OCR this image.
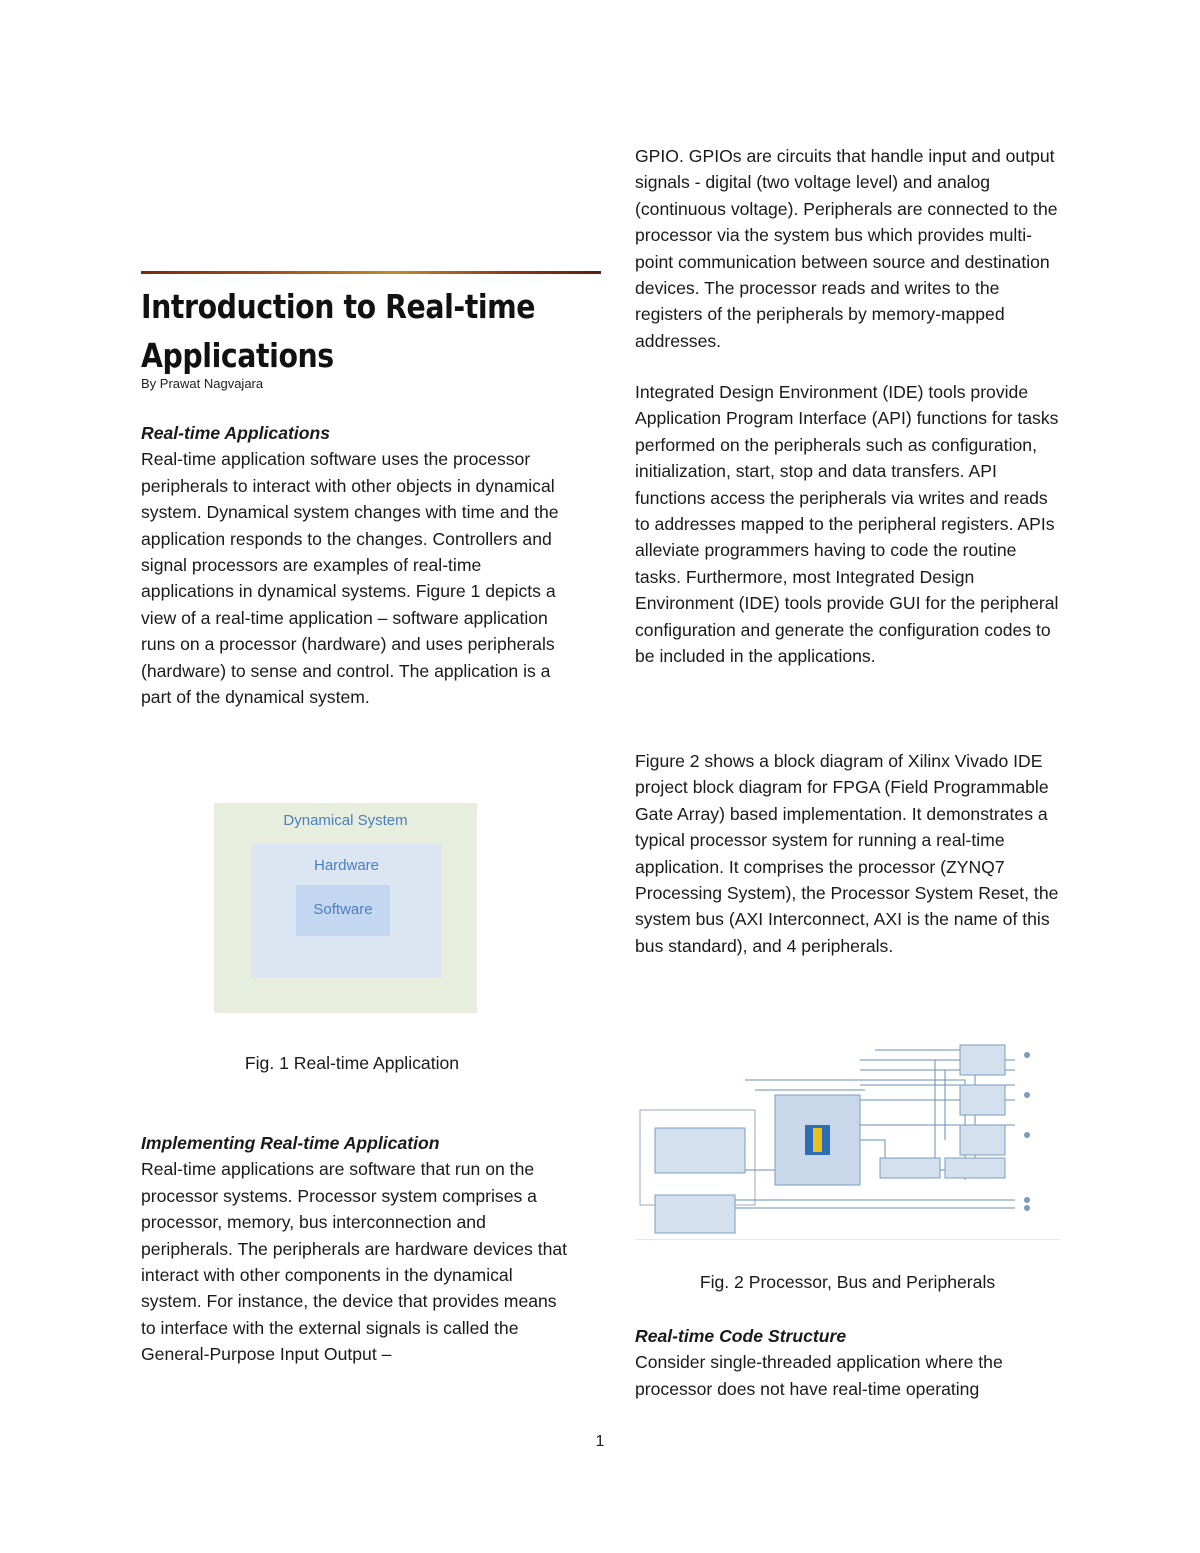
Introduction to Real-time Applications

By Prawat Nagvajara

Real-time Applications

Real-time application software uses the processor peripherals to interact with other objects in dynamical system. Dynamical system changes with time and the application responds to the changes. Controllers and signal processors are examples of real-time applications in dynamical systems. Figure 1 depicts a view of a real-time application – software application runs on a processor (hardware) and uses peripherals (hardware) to sense and control. The application is a part of the dynamical system.

Dynamical System
Hardware
Software

Fig. 1 Real-time Application

Implementing Real-time Application

Real-time applications are software that run on the processor systems. Processor system comprises a processor, memory, bus interconnection and peripherals. The peripherals are hardware devices that interact with other components in the dynamical system. For instance, the device that provides means to interface with the external signals is called the General-Purpose Input Output –

GPIO. GPIOs are circuits that handle input and output signals - digital (two voltage level) and analog (continuous voltage). Peripherals are connected to the processor via the system bus which provides multi-point communication between source and destination devices. The processor reads and writes to the registers of the peripherals by memory-mapped addresses.

Integrated Design Environment (IDE) tools provide Application Program Interface (API) functions for tasks performed on the peripherals such as configuration, initialization, start, stop and data transfers. API functions access the peripherals via writes and reads to addresses mapped to the peripheral registers. APIs alleviate programmers having to code the routine tasks. Furthermore, most Integrated Design Environment (IDE) tools provide GUI for the peripheral configuration and generate the configuration codes to be included in the applications.

Figure 2 shows a block diagram of Xilinx Vivado IDE project block diagram for FPGA (Field Programmable Gate Array) based implementation. It demonstrates a typical processor system for running a real-time application. It comprises the processor (ZYNQ7 Processing System), the Processor System Reset, the system bus (AXI Interconnect, AXI is the name of this bus standard), and 4 peripherals.

Fig. 2 Processor, Bus and Peripherals

Real-time Code Structure

Consider single-threaded application where the processor does not have real-time operating

1
